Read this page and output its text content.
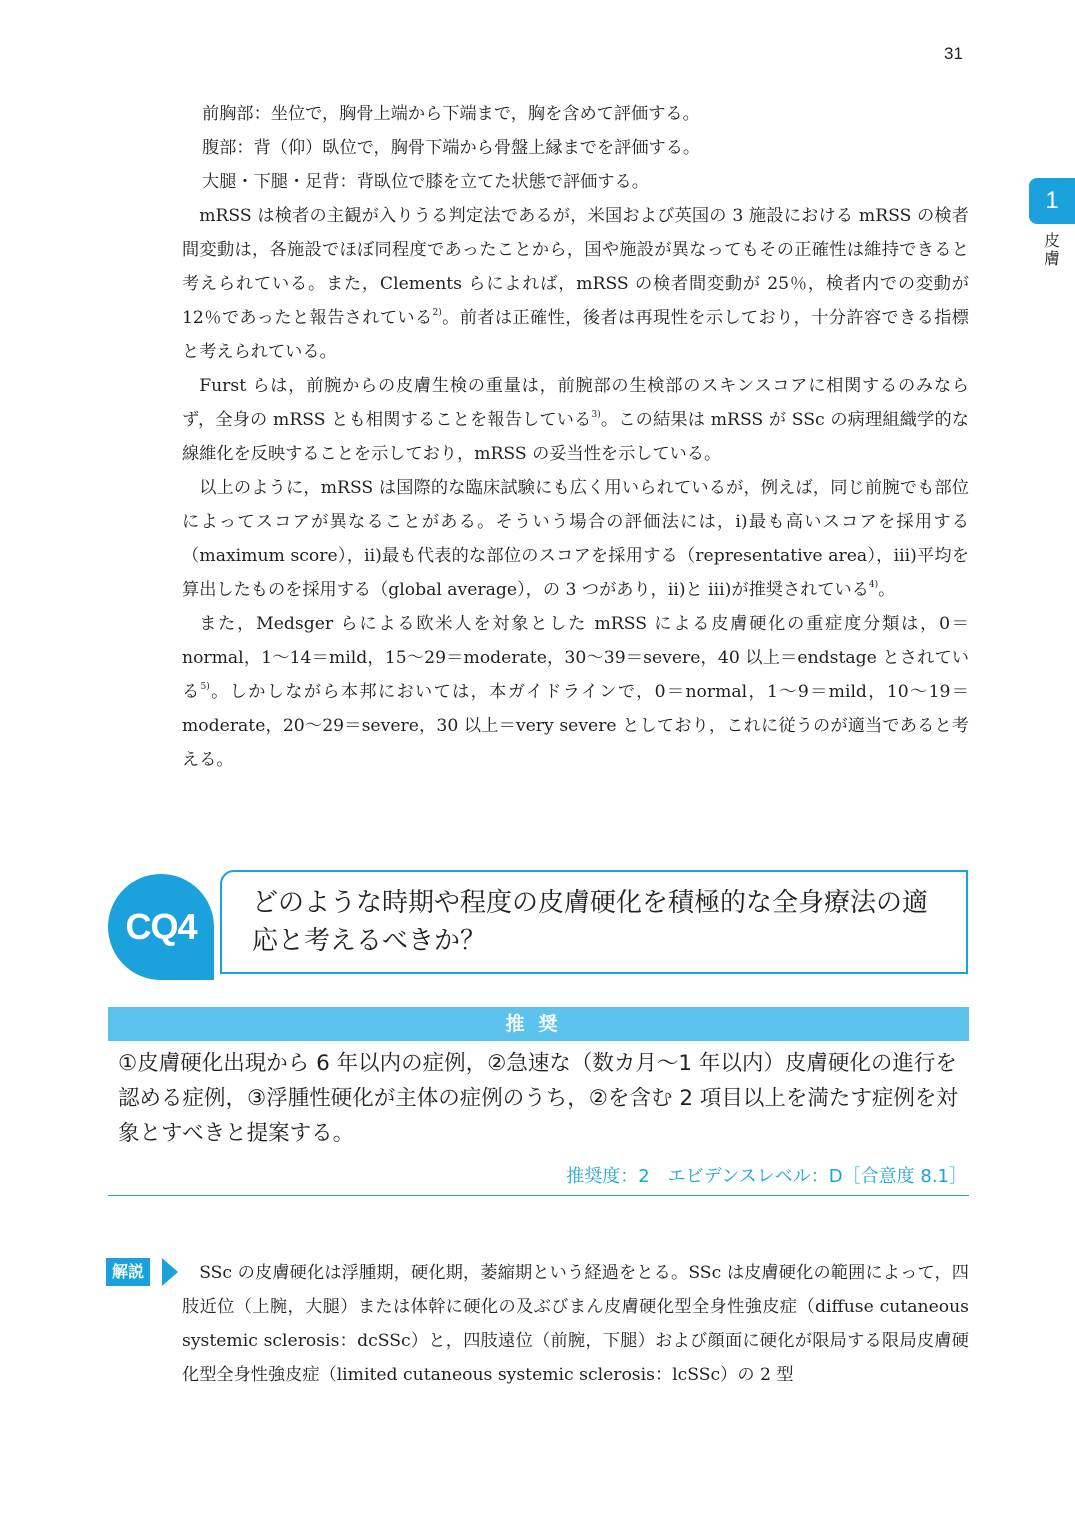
31
1
皮膚

前胸部：坐位で，胸骨上端から下端まで，胸を含めて評価する。

腹部：背（仰）臥位で，胸骨下端から骨盤上縁までを評価する。

大腿・下腿・足背：背臥位で膝を立てた状態で評価する。

mRSS は検者の主観が入りうる判定法であるが，米国および英国の 3 施設における mRSS の検者間変動は，各施設でほぼ同程度であったことから，国や施設が異なってもその正確性は維持できると考えられている。また，Clements らによれば，mRSS の検者間変動が 25％，検者内での変動が 12％であったと報告されている$^{2)}$。前者は正確性，後者は再現性を示しており，十分許容できる指標と考えられている。

Furst らは，前腕からの皮膚生検の重量は，前腕部の生検部のスキンスコアに相関するのみならず，全身の mRSS とも相関することを報告している$^{3)}$。この結果は mRSS が SSc の病理組織学的な線維化を反映することを示しており，mRSS の妥当性を示している。

以上のように，mRSS は国際的な臨床試験にも広く用いられているが，例えば，同じ前腕でも部位によってスコアが異なることがある。そういう場合の評価法には，i)最も高いスコアを採用する（maximum score），ii)最も代表的な部位のスコアを採用する（representative area），iii)平均を算出したものを採用する（global average），の 3 つがあり，ii)と iii)が推奨されている$^{4)}$。

また，Medsger らによる欧米人を対象とした mRSS による皮膚硬化の重症度分類は，0＝normal，1〜14＝mild，15〜29＝moderate，30〜39＝severe，40 以上＝endstage とされている$^{5)}$。しかしながら本邦においては，本ガイドラインで，0＝normal，1〜9＝mild，10〜19＝moderate，20〜29＝severe，30 以上＝very severe としており，これに従うのが適当であると考える。

CQ4
どのような時期や程度の皮膚硬化を積極的な全身療法の適応と考えるべきか？
推奨
①皮膚硬化出現から 6 年以内の症例，②急速な（数カ月〜1 年以内）皮膚硬化の進行を認める症例，③浮腫性硬化が主体の症例のうち，②を含む 2 項目以上を満たす症例を対象とすべきと提案する。
推奨度：2　エビデンスレベル：D［合意度 8.1］
解説	SSc の皮膚硬化は浮腫期，硬化期，萎縮期という経過をとる。SSc は皮膚硬化の範囲によって，四肢近位（上腕，大腿）または体幹に硬化の及ぶびまん皮膚硬化型全身性強皮症（diffuse cutaneous systemic sclerosis：dcSSc）と，四肢遠位（前腕，下腿）および顔面に硬化が限局する限局皮膚硬化型全身性強皮症（limited cutaneous systemic sclerosis：lcSSc）の 2 型
